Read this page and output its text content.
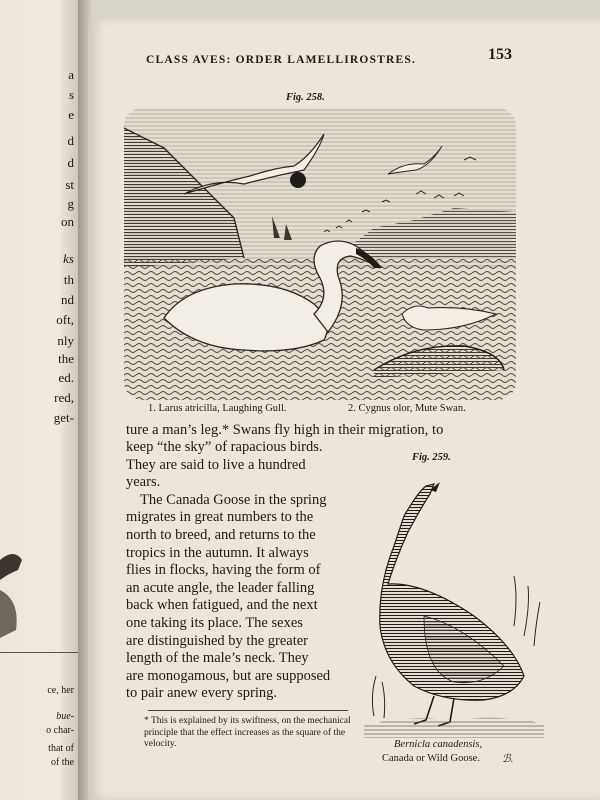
a
s
e
d
d
st
g
on
ks
th
nd
oft,
nly
the
ed.
red,
get-
ce, her
bue-
o char-
that of
of the
CLASS AVES: ORDER LAMELLIROSTRES.	153
Fig. 258.
1. Larus atricilla, Laughing Gull.	2. Cygnus olor, Mute Swan.
ture a man’s leg.* Swans fly high in their migration, to
keep “the sky” of rapacious birds.
They are said to live a hundred
years.
The Canada Goose in the spring
migrates in great numbers to the
north to breed, and returns to the
tropics in the autumn. It always
flies in flocks, having the form of
an acute angle, the leader falling
back when fatigued, and the next
one taking its place. The sexes
are distinguished by the greater
length of the male’s neck. They
are monogamous, but are supposed
to pair anew every spring.
* This is explained by its swiftness, on the mechanical principle that the effect increases as the square of the velocity.
Fig. 259.
Bernicla canadensis,
Canada or Wild Goose. ℬ.
